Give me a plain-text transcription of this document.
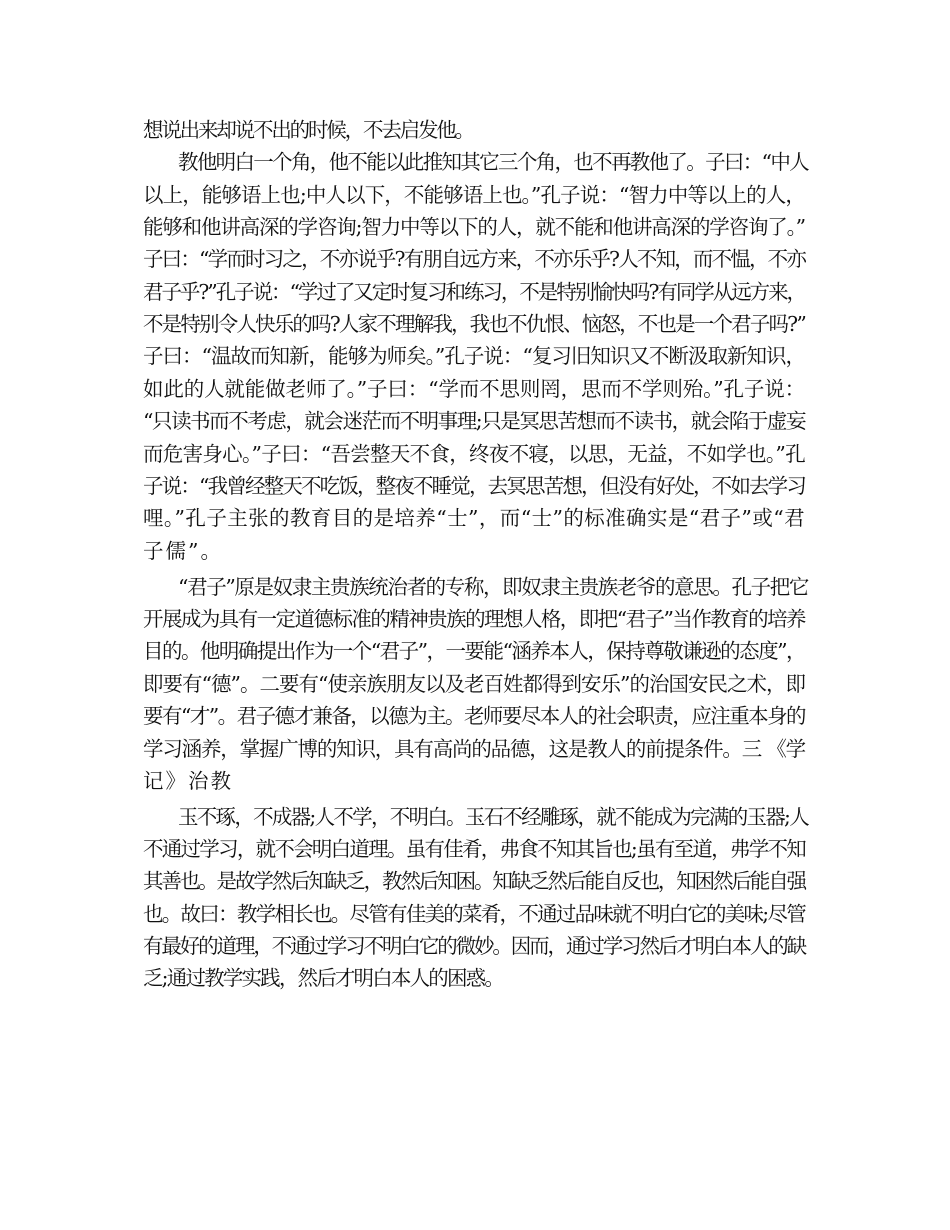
想说出来却说不出的时候，不去启发他。
教他明白一个角，他不能以此推知其它三个角，也不再教他了。子曰：“中人
以上，能够语上也;中人以下，不能够语上也。”孔子说：“智力中等以上的人，
能够和他讲高深的学咨询;智力中等以下的人，就不能和他讲高深的学咨询了。”
子曰：“学而时习之，不亦说乎?有朋自远方来，不亦乐乎?人不知，而不愠，不亦
君子乎?”孔子说：“学过了又定时复习和练习，不是特别愉快吗?有同学从远方来，
不是特别令人快乐的吗?人家不理解我，我也不仇恨、恼怒，不也是一个君子吗?”
子曰：“温故而知新，能够为师矣。”孔子说：“复习旧知识又不断汲取新知识，
如此的人就能做老师了。”子曰：“学而不思则罔，思而不学则殆。”孔子说：
“只读书而不考虑，就会迷茫而不明事理;只是冥思苦想而不读书，就会陷于虚妄
而危害身心。”子曰：“吾尝整天不食，终夜不寝，以思，无益，不如学也。”孔
子说：“我曾经整天不吃饭，整夜不睡觉，去冥思苦想，但没有好处，不如去学习
哩。”孔子主张的教育目的是培养“士”，而“士”的标准确实是“君子”或“君
子儒”。
“君子”原是奴隶主贵族统治者的专称，即奴隶主贵族老爷的意思。孔子把它
开展成为具有一定道德标准的精神贵族的理想人格，即把“君子”当作教育的培养
目的。他明确提出作为一个“君子”，一要能“涵养本人，保持尊敬谦逊的态度”，
即要有“德”。二要有“使亲族朋友以及老百姓都得到安乐”的治国安民之术，即
要有“才”。君子德才兼备，以德为主。老师要尽本人的社会职责，应注重本身的
学习涵养，掌握广博的知识，具有高尚的品德，这是教人的前提条件。三 《学
记》治教
玉不琢，不成器;人不学，不明白。玉石不经雕琢，就不能成为完满的玉器;人
不通过学习，就不会明白道理。虽有佳肴，弗食不知其旨也;虽有至道，弗学不知
其善也。是故学然后知缺乏，教然后知困。知缺乏然后能自反也，知困然后能自强
也。故曰：教学相长也。尽管有佳美的菜肴，不通过品味就不明白它的美味;尽管
有最好的道理，不通过学习不明白它的微妙。因而，通过学习然后才明白本人的缺
乏;通过教学实践，然后才明白本人的困惑。
